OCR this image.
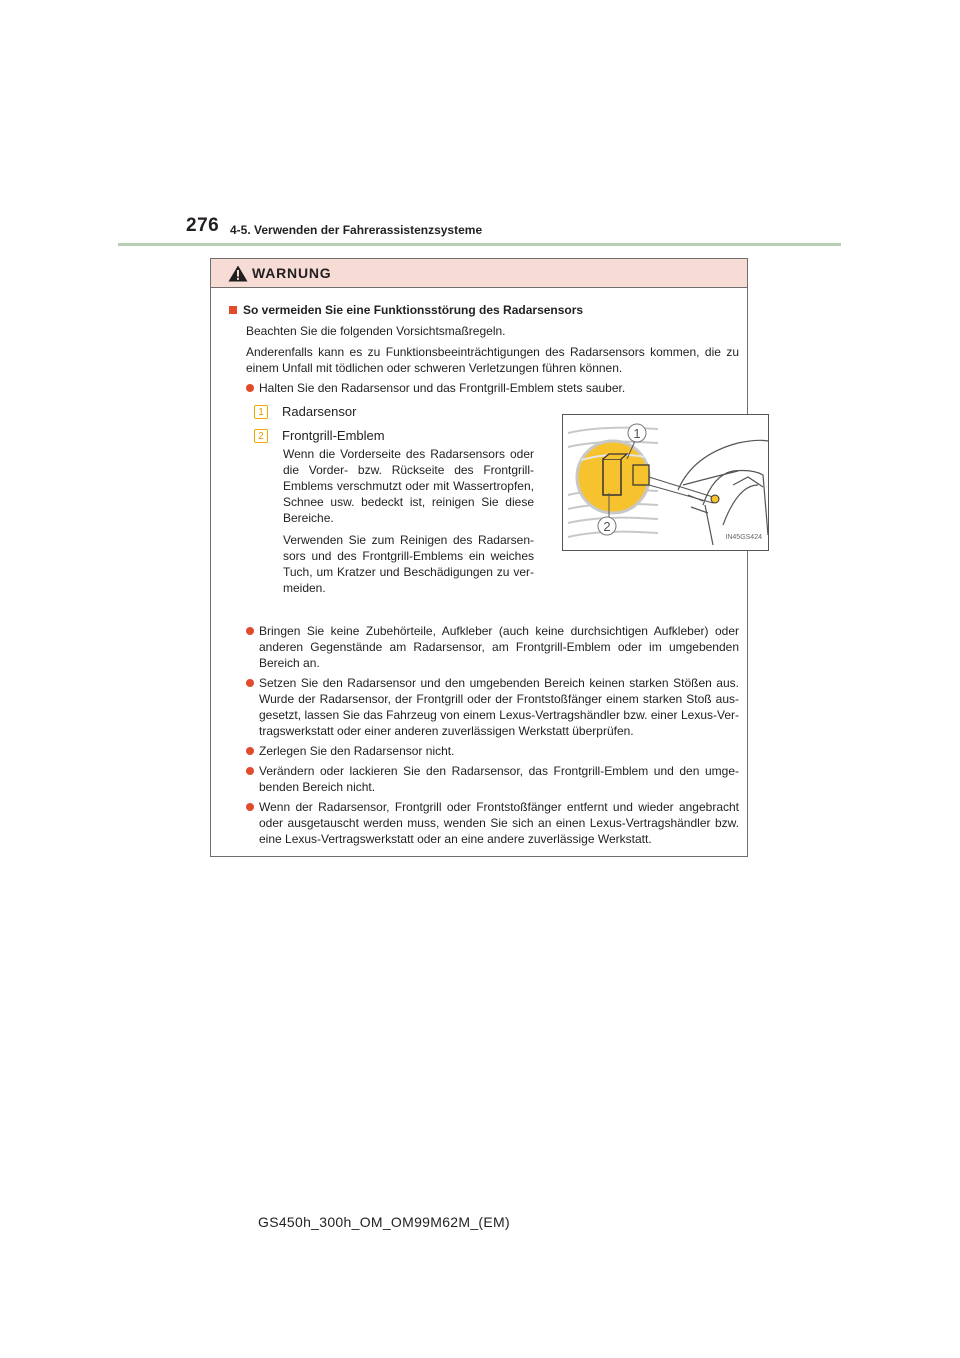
276 4-5. Verwenden der Fahrerassistenzsysteme
WARNUNG
So vermeiden Sie eine Funktionsstörung des Radarsensors

Beachten Sie die folgenden Vorsichtsmaßregeln.

Anderenfalls kann es zu Funktionsbeeinträchtigungen des Radarsensors kommen, die zu einem Unfall mit tödlichen oder schweren Verletzungen führen können.

Halten Sie den Radarsensor und das Frontgrill-Emblem stets sauber.
1	Radarsensor
2	Frontgrill-Emblem

Wenn die Vorderseite des Radarsensors oder die Vorder- bzw. Rückseite des Frontgrill-Emblems verschmutzt oder mit Wassertropfen, Schnee usw. bedeckt ist, reinigen Sie diese Bereiche.

Verwenden Sie zum Reinigen des Radarsen-sors und des Frontgrill-Emblems ein weiches Tuch, um Kratzer und Beschädigungen zu ver-meiden.

1
2
IN45GS424
Bringen Sie keine Zubehörteile, Aufkleber (auch keine durchsichtigen Aufkleber) oder anderen Gegenstände am Radarsensor, am Frontgrill-Emblem oder im umgebenden Bereich an.
Setzen Sie den Radarsensor und den umgebenden Bereich keinen starken Stößen aus. Wurde der Radarsensor, der Frontgrill oder der Frontstoßfänger einem starken Stoß aus-gesetzt, lassen Sie das Fahrzeug von einem Lexus-Vertragshändler bzw. einer Lexus-Ver-tragswerkstatt oder einer anderen zuverlässigen Werkstatt überprüfen.
Zerlegen Sie den Radarsensor nicht.
Verändern oder lackieren Sie den Radarsensor, das Frontgrill-Emblem und den umge-benden Bereich nicht.
Wenn der Radarsensor, Frontgrill oder Frontstoßfänger entfernt und wieder angebracht oder ausgetauscht werden muss, wenden Sie sich an einen Lexus-Vertragshändler bzw. eine Lexus-Vertragswerkstatt oder an eine andere zuverlässige Werkstatt.
GS450h_300h_OM_OM99M62M_(EM)
